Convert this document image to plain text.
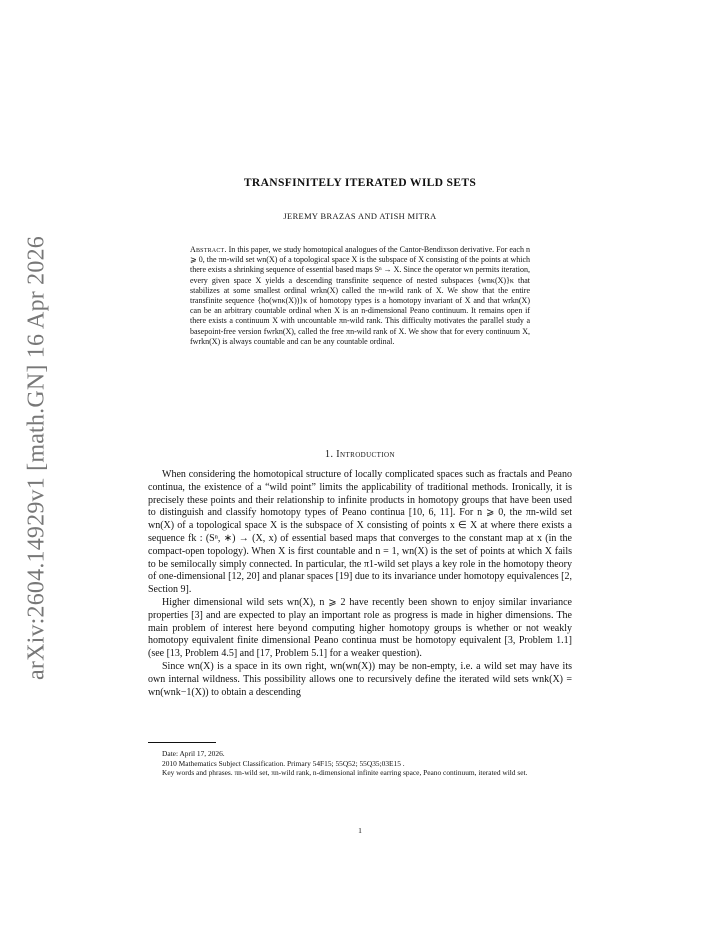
arXiv:2604.14929v1 [math.GN] 16 Apr 2026
TRANSFINITELY ITERATED WILD SETS
JEREMY BRAZAS AND ATISH MITRA
Abstract. In this paper, we study homotopical analogues of the Cantor-Bendixson derivative. For each n ⩾ 0, the πn-wild set wn(X) of a topological space X is the subspace of X consisting of the points at which there exists a shrinking sequence of essential based maps Sⁿ → X. Since the operator wn permits iteration, every given space X yields a descending transfinite sequence of nested subspaces {wnκ(X)}κ that stabilizes at some smallest ordinal wrkn(X) called the πn-wild rank of X. We show that the entire transfinite sequence {ho(wnκ(X))}κ of homotopy types is a homotopy invariant of X and that wrkn(X) can be an arbitrary countable ordinal when X is an n-dimensional Peano continuum. It remains open if there exists a continuum X with uncountable πn-wild rank. This difficulty motivates the parallel study a basepoint-free version fwrkn(X), called the free πn-wild rank of X. We show that for every continuum X, fwrkn(X) is always countable and can be any countable ordinal.
1. Introduction

When considering the homotopical structure of locally complicated spaces such as fractals and Peano continua, the existence of a “wild point” limits the applicability of traditional methods. Ironically, it is precisely these points and their relationship to infinite products in homotopy groups that have been used to distinguish and classify homotopy types of Peano continua [10, 6, 11]. For n ⩾ 0, the πn-wild set wn(X) of a topological space X is the subspace of X consisting of points x ∈ X at where there exists a sequence fk : (Sⁿ, ∗) → (X, x) of essential based maps that converges to the constant map at x (in the compact-open topology). When X is first countable and n = 1, wn(X) is the set of points at which X fails to be semilocally simply connected. In particular, the π1-wild set plays a key role in the homotopy theory of one-dimensional [12, 20] and planar spaces [19] due to its invariance under homotopy equivalences [2, Section 9].

Higher dimensional wild sets wn(X), n ⩾ 2 have recently been shown to enjoy similar invariance properties [3] and are expected to play an important role as progress is made in higher dimensions. The main problem of interest here beyond computing higher homotopy groups is whether or not weakly homotopy equivalent finite dimensional Peano continua must be homotopy equivalent [3, Problem 1.1] (see [13, Problem 4.5] and [17, Problem 5.1] for a weaker question).

Since wn(X) is a space in its own right, wn(wn(X)) may be non-empty, i.e. a wild set may have its own internal wildness. This possibility allows one to recursively define the iterated wild sets wnk(X) = wn(wnk−1(X)) to obtain a descending

Date: April 17, 2026.

2010 Mathematics Subject Classification. Primary 54F15; 55Q52; 55Q35;03E15 .

Key words and phrases. πn-wild set, πn-wild rank, n-dimensional infinite earring space, Peano continuum, iterated wild set.

1
